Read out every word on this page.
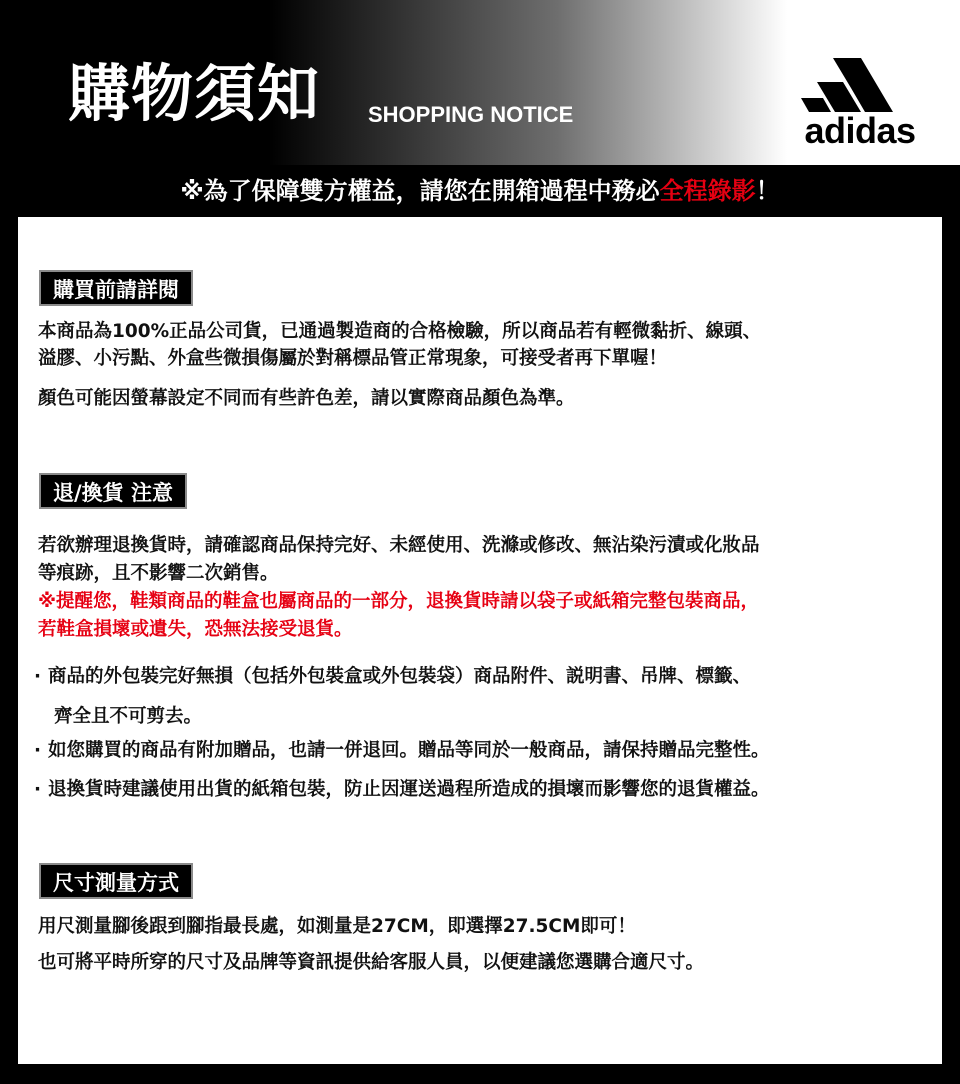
購物須知 SHOPPING NOTICE	adidas
※為了保障雙方權益，請您在開箱過程中務必全程錄影！
購買前請詳閱

本商品為100%正品公司貨，已通過製造商的合格檢驗，所以商品若有輕微黏折、線頭、

溢膠、小污點、外盒些微損傷屬於對稱標品管正常現象，可接受者再下單喔！

顏色可能因螢幕設定不同而有些許色差，請以實際商品顏色為準。

退/換貨 注意

若欲辦理退換貨時，請確認商品保持完好、未經使用、洗滌或修改、無沾染污漬或化妝品

等痕跡，且不影響二次銷售。

※提醒您，鞋類商品的鞋盒也屬商品的一部分，退換貨時請以袋子或紙箱完整包裝商品，

若鞋盒損壞或遺失，恐無法接受退貨。

· 商品的外包裝完好無損（包括外包裝盒或外包裝袋）商品附件、説明書、吊牌、標籤、
齊全且不可剪去。
· 如您購買的商品有附加贈品，也請一併退回。贈品等同於一般商品，請保持贈品完整性。
· 退換貨時建議使用出貨的紙箱包裝，防止因運送過程所造成的損壞而影響您的退貨權益。
尺寸測量方式

用尺測量腳後跟到腳指最長處，如測量是27CM，即選擇27.5CM即可！

也可將平時所穿的尺寸及品牌等資訊提供給客服人員，以便建議您選購合適尺寸。
